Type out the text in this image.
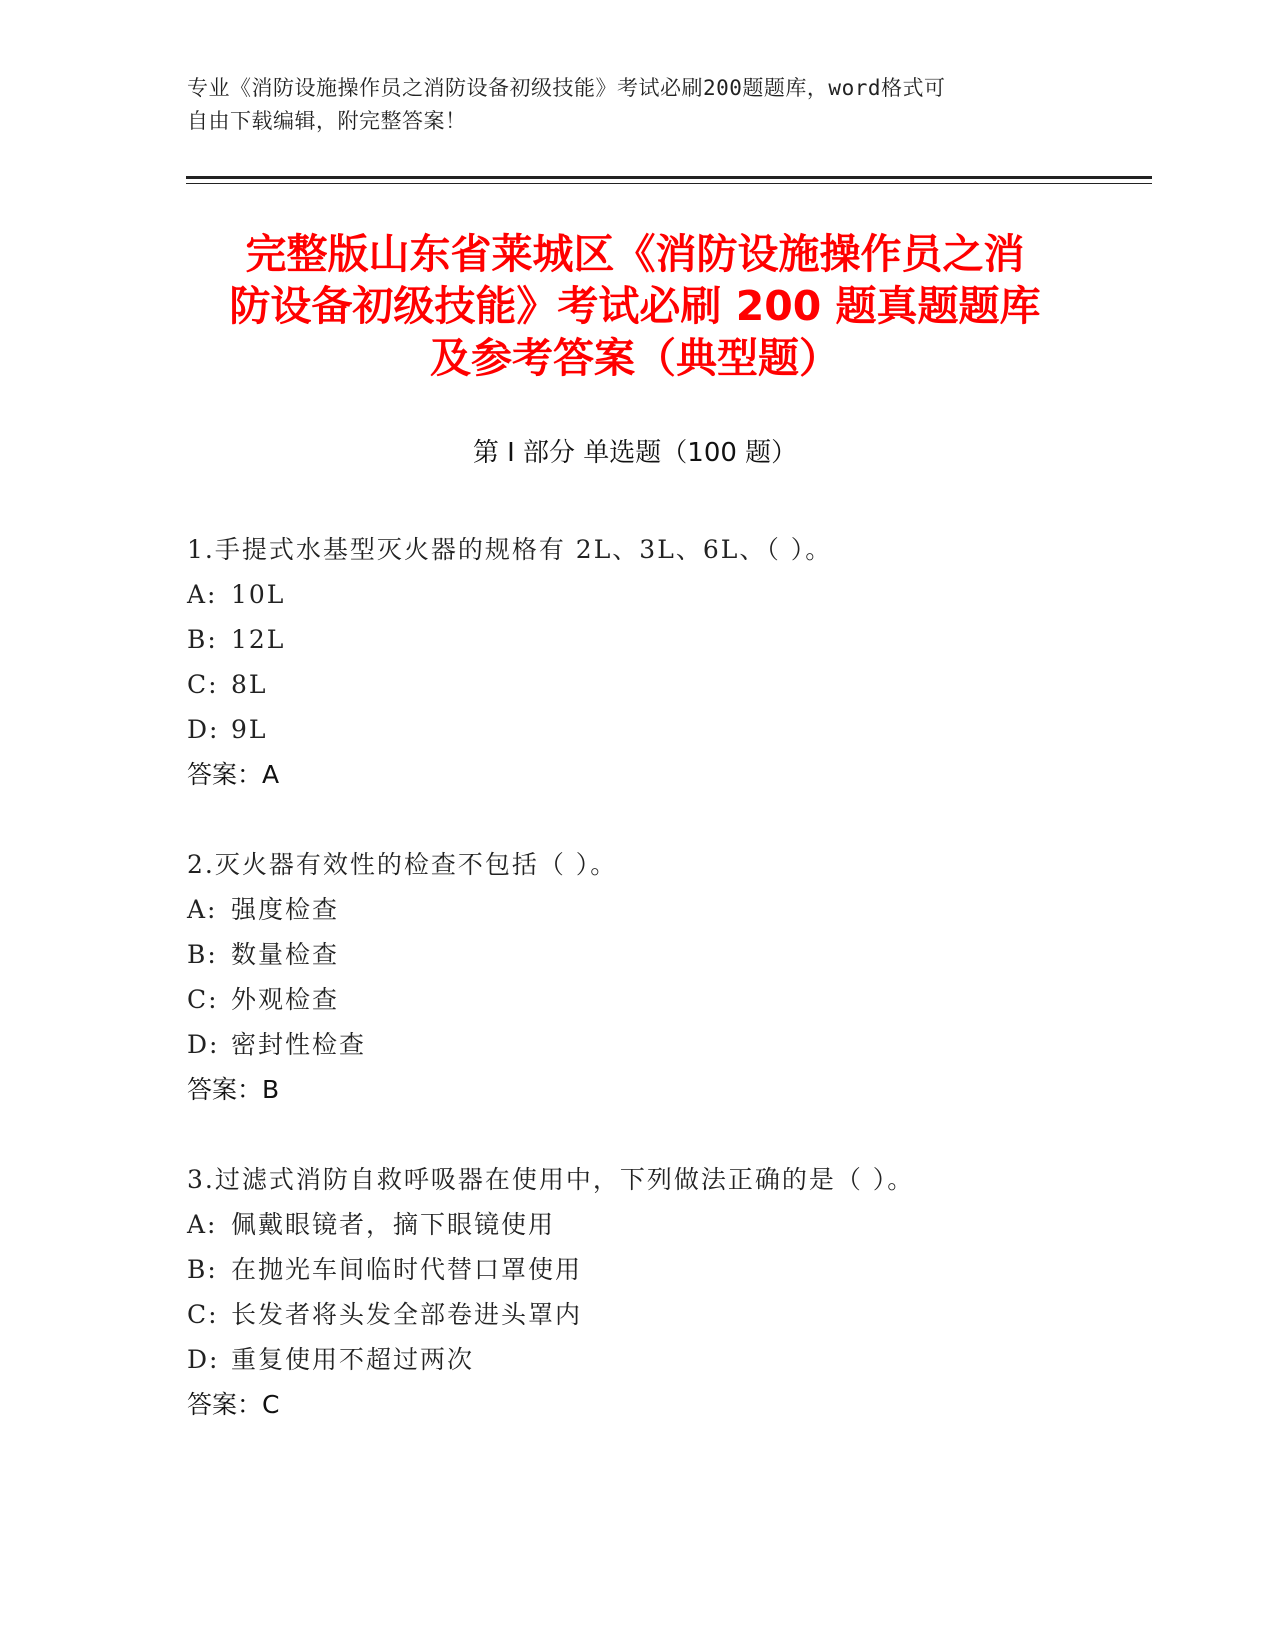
专业《消防设施操作员之消防设备初级技能》考试必刷200题题库，word格式可
自由下载编辑，附完整答案！
完整版山东省莱城区《消防设施操作员之消
防设备初级技能》考试必刷 200 题真题题库
及参考答案（典型题）
第 I 部分 单选题（100 题）
1.手提式水基型灭火器的规格有 2L、3L、6L、（ ）。
A: 10L
B: 12L
C: 8L
D: 9L
答案：A
2.灭火器有效性的检查不包括（ ）。
A: 强度检查
B: 数量检查
C: 外观检查
D: 密封性检查
答案：B
3.过滤式消防自救呼吸器在使用中，下列做法正确的是（ ）。
A: 佩戴眼镜者，摘下眼镜使用
B: 在抛光车间临时代替口罩使用
C: 长发者将头发全部卷进头罩内
D: 重复使用不超过两次
答案：C
